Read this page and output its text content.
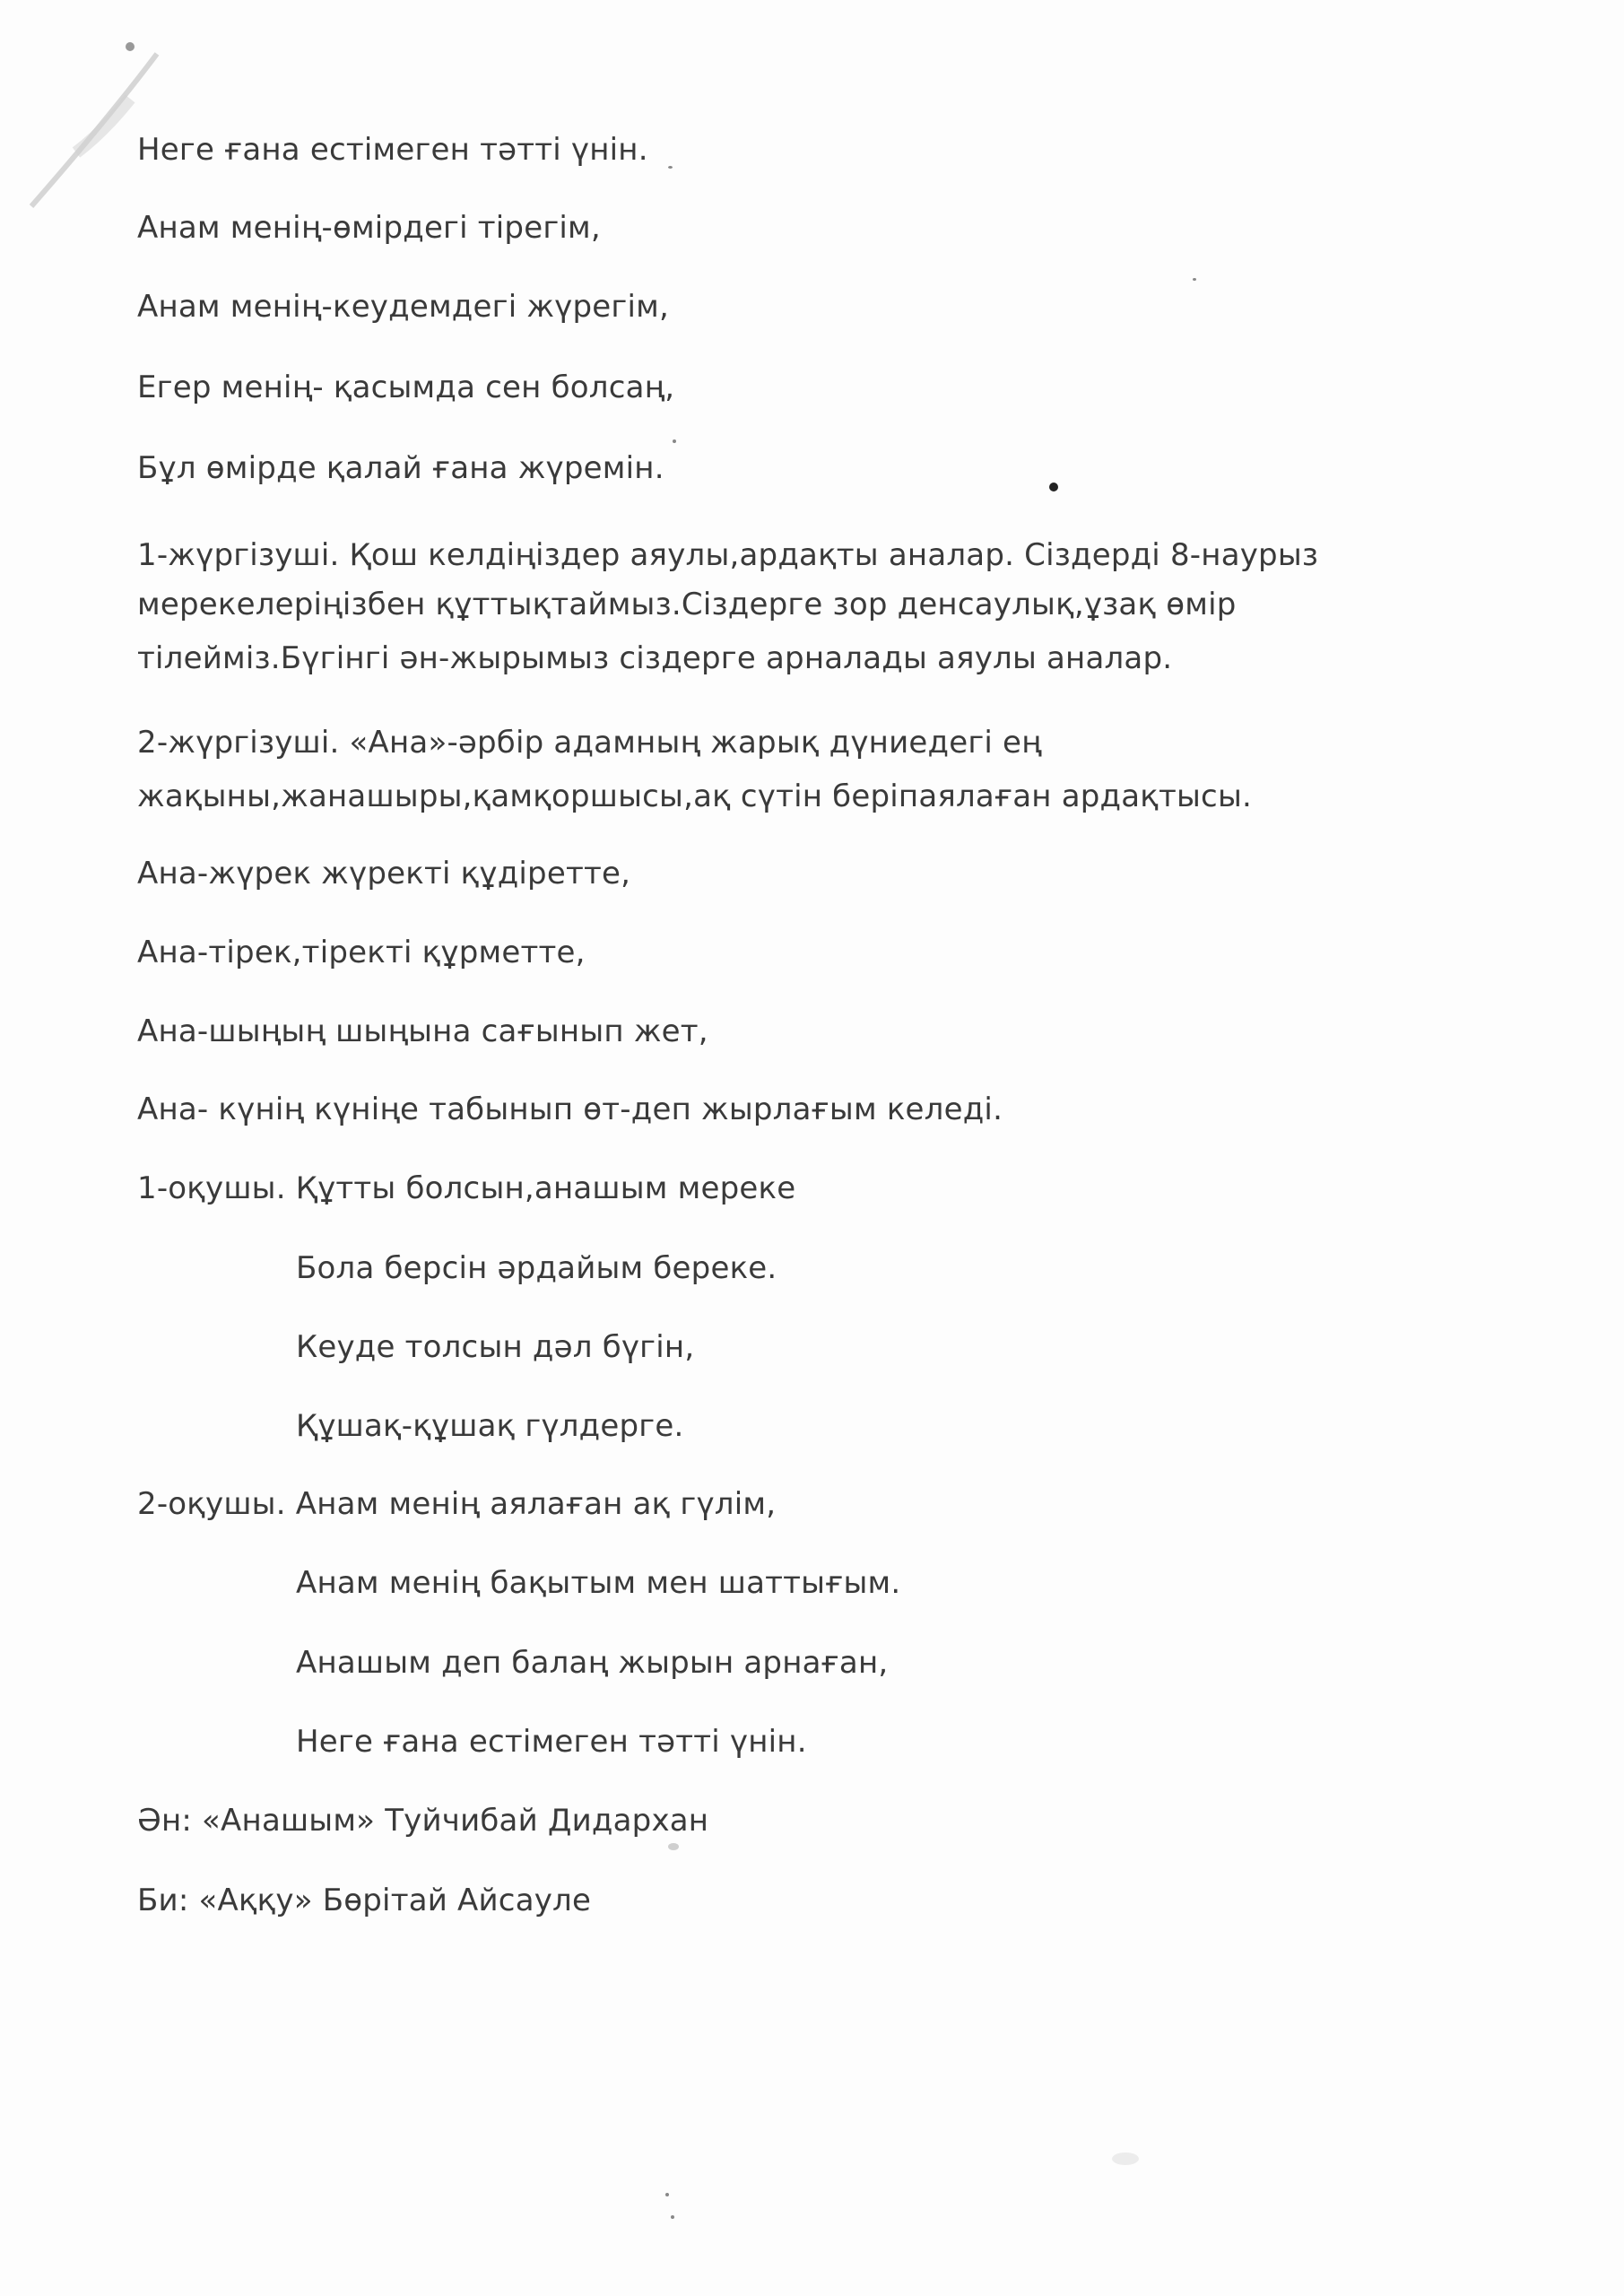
Неге ғана естімеген тәтті үнін.
Анам менің-өмірдегі тірегім,
Анам менің-кеудемдегі жүрегім,
Егер менің- қасымда сен болсаң,
Бұл өмірде қалай ғана жүремін.
1-жүргізуші. Қош келдіңіздер аяулы,ардақты аналар. Сіздерді 8-наурыз
мерекелеріңізбен құттықтаймыз.Сіздерге зор денсаулық,ұзақ өмір
тілейміз.Бүгінгі ән-жырымыз сіздерге арналады аяулы аналар.
2-жүргізуші. «Ана»-әрбір адамның жарық дүниедегі ең
жақыны,жанашыры,қамқоршысы,ақ сүтін беріпаялаған ардақтысы.
Ана-жүрек жүректі құдіретте,
Ана-тірек,тіректі құрметте,
Ана-шыңың шыңына сағынып жет,
Ана- күнің күніңе табынып өт-деп жырлағым келеді.
1-оқушы. Құтты болсын,анашым мереке
Бола берсін әрдайым береке.
Кеуде толсын дәл бүгін,
Құшақ-құшақ гүлдерге.
2-оқушы. Анам менің аялаған ақ гүлім,
Анам менің бақытым мен шаттығым.
Анашым деп балаң жырын арнаған,
Неге ғана естімеген тәтті үнін.
Ән: «Анашым» Туйчибай Дидархан
Би: «Аққу» Бөрітай Айсауле
